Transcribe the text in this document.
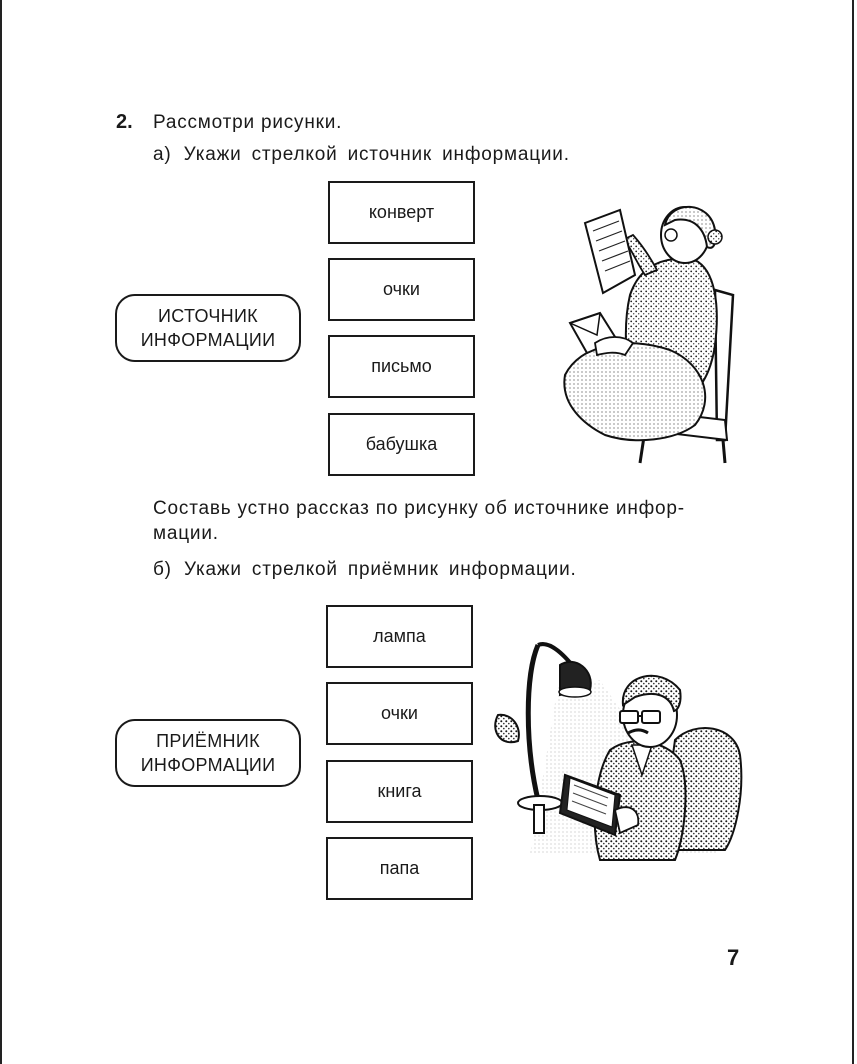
2. Рассмотри рисунки.
а) Укажи стрелкой источник информации.
ИСТОЧНИК
ИНФОРМАЦИИ
конверт
очки
письмо
бабушка
Составь устно рассказ по рисунку об источнике инфор-
мации.
б) Укажи стрелкой приёмник информации.
ПРИЁМНИК
ИНФОРМАЦИИ
лампа
очки
книга
папа
7
